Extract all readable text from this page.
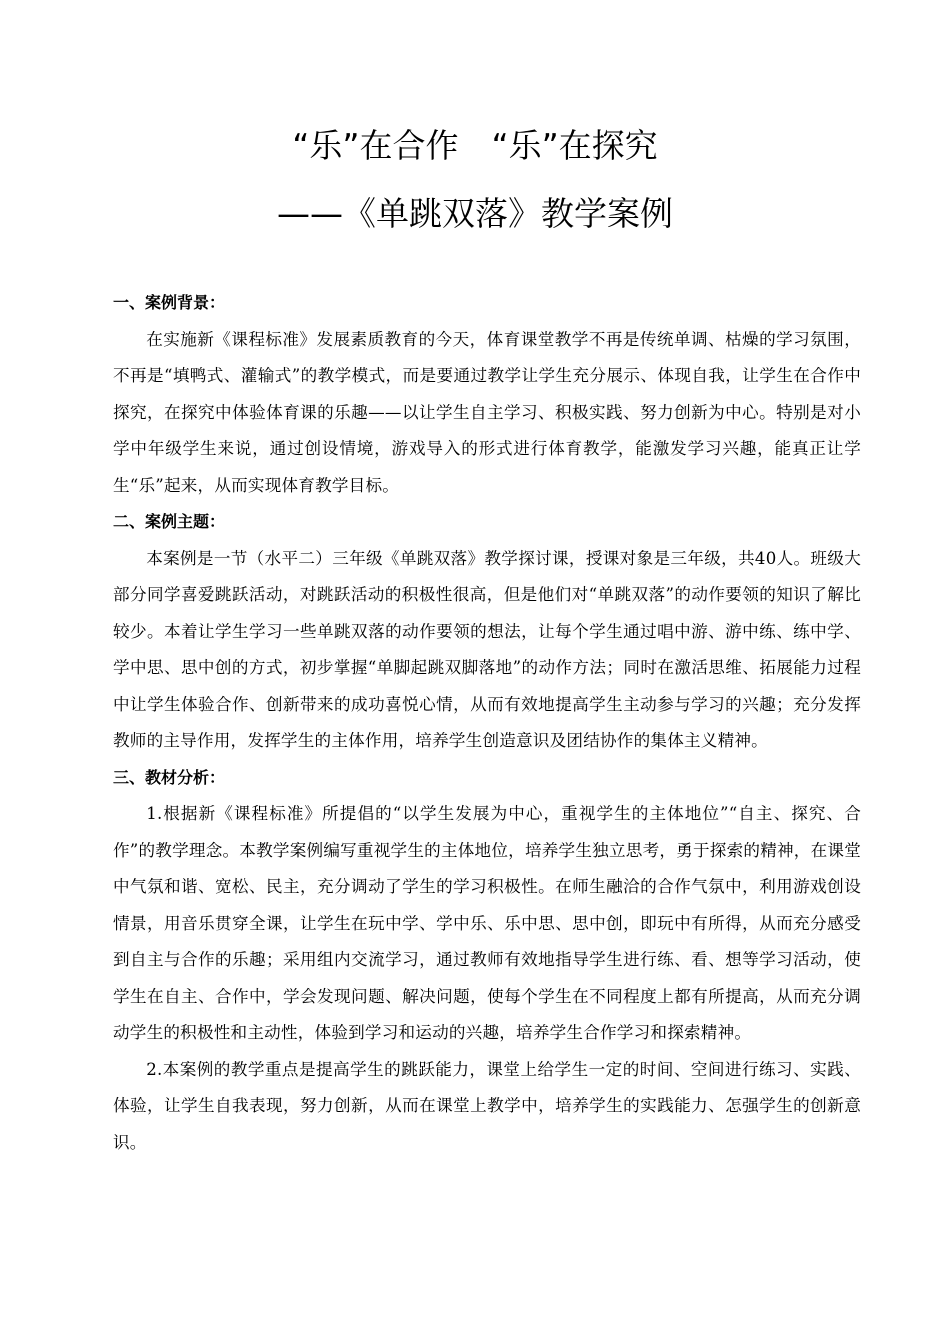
“乐”在合作　“乐”在探究
——《单跳双落》教学案例

一、案例背景：

在实施新《课程标准》发展素质教育的今天，体育课堂教学不再是传统单调、枯燥的学习氛围，不再是“填鸭式、灌输式”的教学模式，而是要通过教学让学生充分展示、体现自我，让学生在合作中探究，在探究中体验体育课的乐趣——以让学生自主学习、积极实践、努力创新为中心。特别是对小学中年级学生来说，通过创设情境，游戏导入的形式进行体育教学，能激发学习兴趣，能真正让学生“乐”起来，从而实现体育教学目标。

二、案例主题：

本案例是一节（水平二）三年级《单跳双落》教学探讨课，授课对象是三年级，共40人。班级大部分同学喜爱跳跃活动，对跳跃活动的积极性很高，但是他们对“单跳双落”的动作要领的知识了解比较少。本着让学生学习一些单跳双落的动作要领的想法，让每个学生通过唱中游、游中练、练中学、学中思、思中创的方式，初步掌握“单脚起跳双脚落地”的动作方法；同时在激活思维、拓展能力过程中让学生体验合作、创新带来的成功喜悦心情，从而有效地提高学生主动参与学习的兴趣；充分发挥教师的主导作用，发挥学生的主体作用，培养学生创造意识及团结协作的集体主义精神。

三、教材分析：

1.根据新《课程标准》所提倡的“以学生发展为中心，重视学生的主体地位”“自主、探究、合作”的教学理念。本教学案例编写重视学生的主体地位，培养学生独立思考，勇于探索的精神，在课堂中气氛和谐、宽松、民主，充分调动了学生的学习积极性。在师生融洽的合作气氛中，利用游戏创设情景，用音乐贯穿全课，让学生在玩中学、学中乐、乐中思、思中创，即玩中有所得，从而充分感受到自主与合作的乐趣；采用组内交流学习，通过教师有效地指导学生进行练、看、想等学习活动，使学生在自主、合作中，学会发现问题、解决问题，使每个学生在不同程度上都有所提高，从而充分调动学生的积极性和主动性，体验到学习和运动的兴趣，培养学生合作学习和探索精神。

2.本案例的教学重点是提高学生的跳跃能力，课堂上给学生一定的时间、空间进行练习、实践、体验，让学生自我表现，努力创新，从而在课堂上教学中，培养学生的实践能力、怎强学生的创新意识。
